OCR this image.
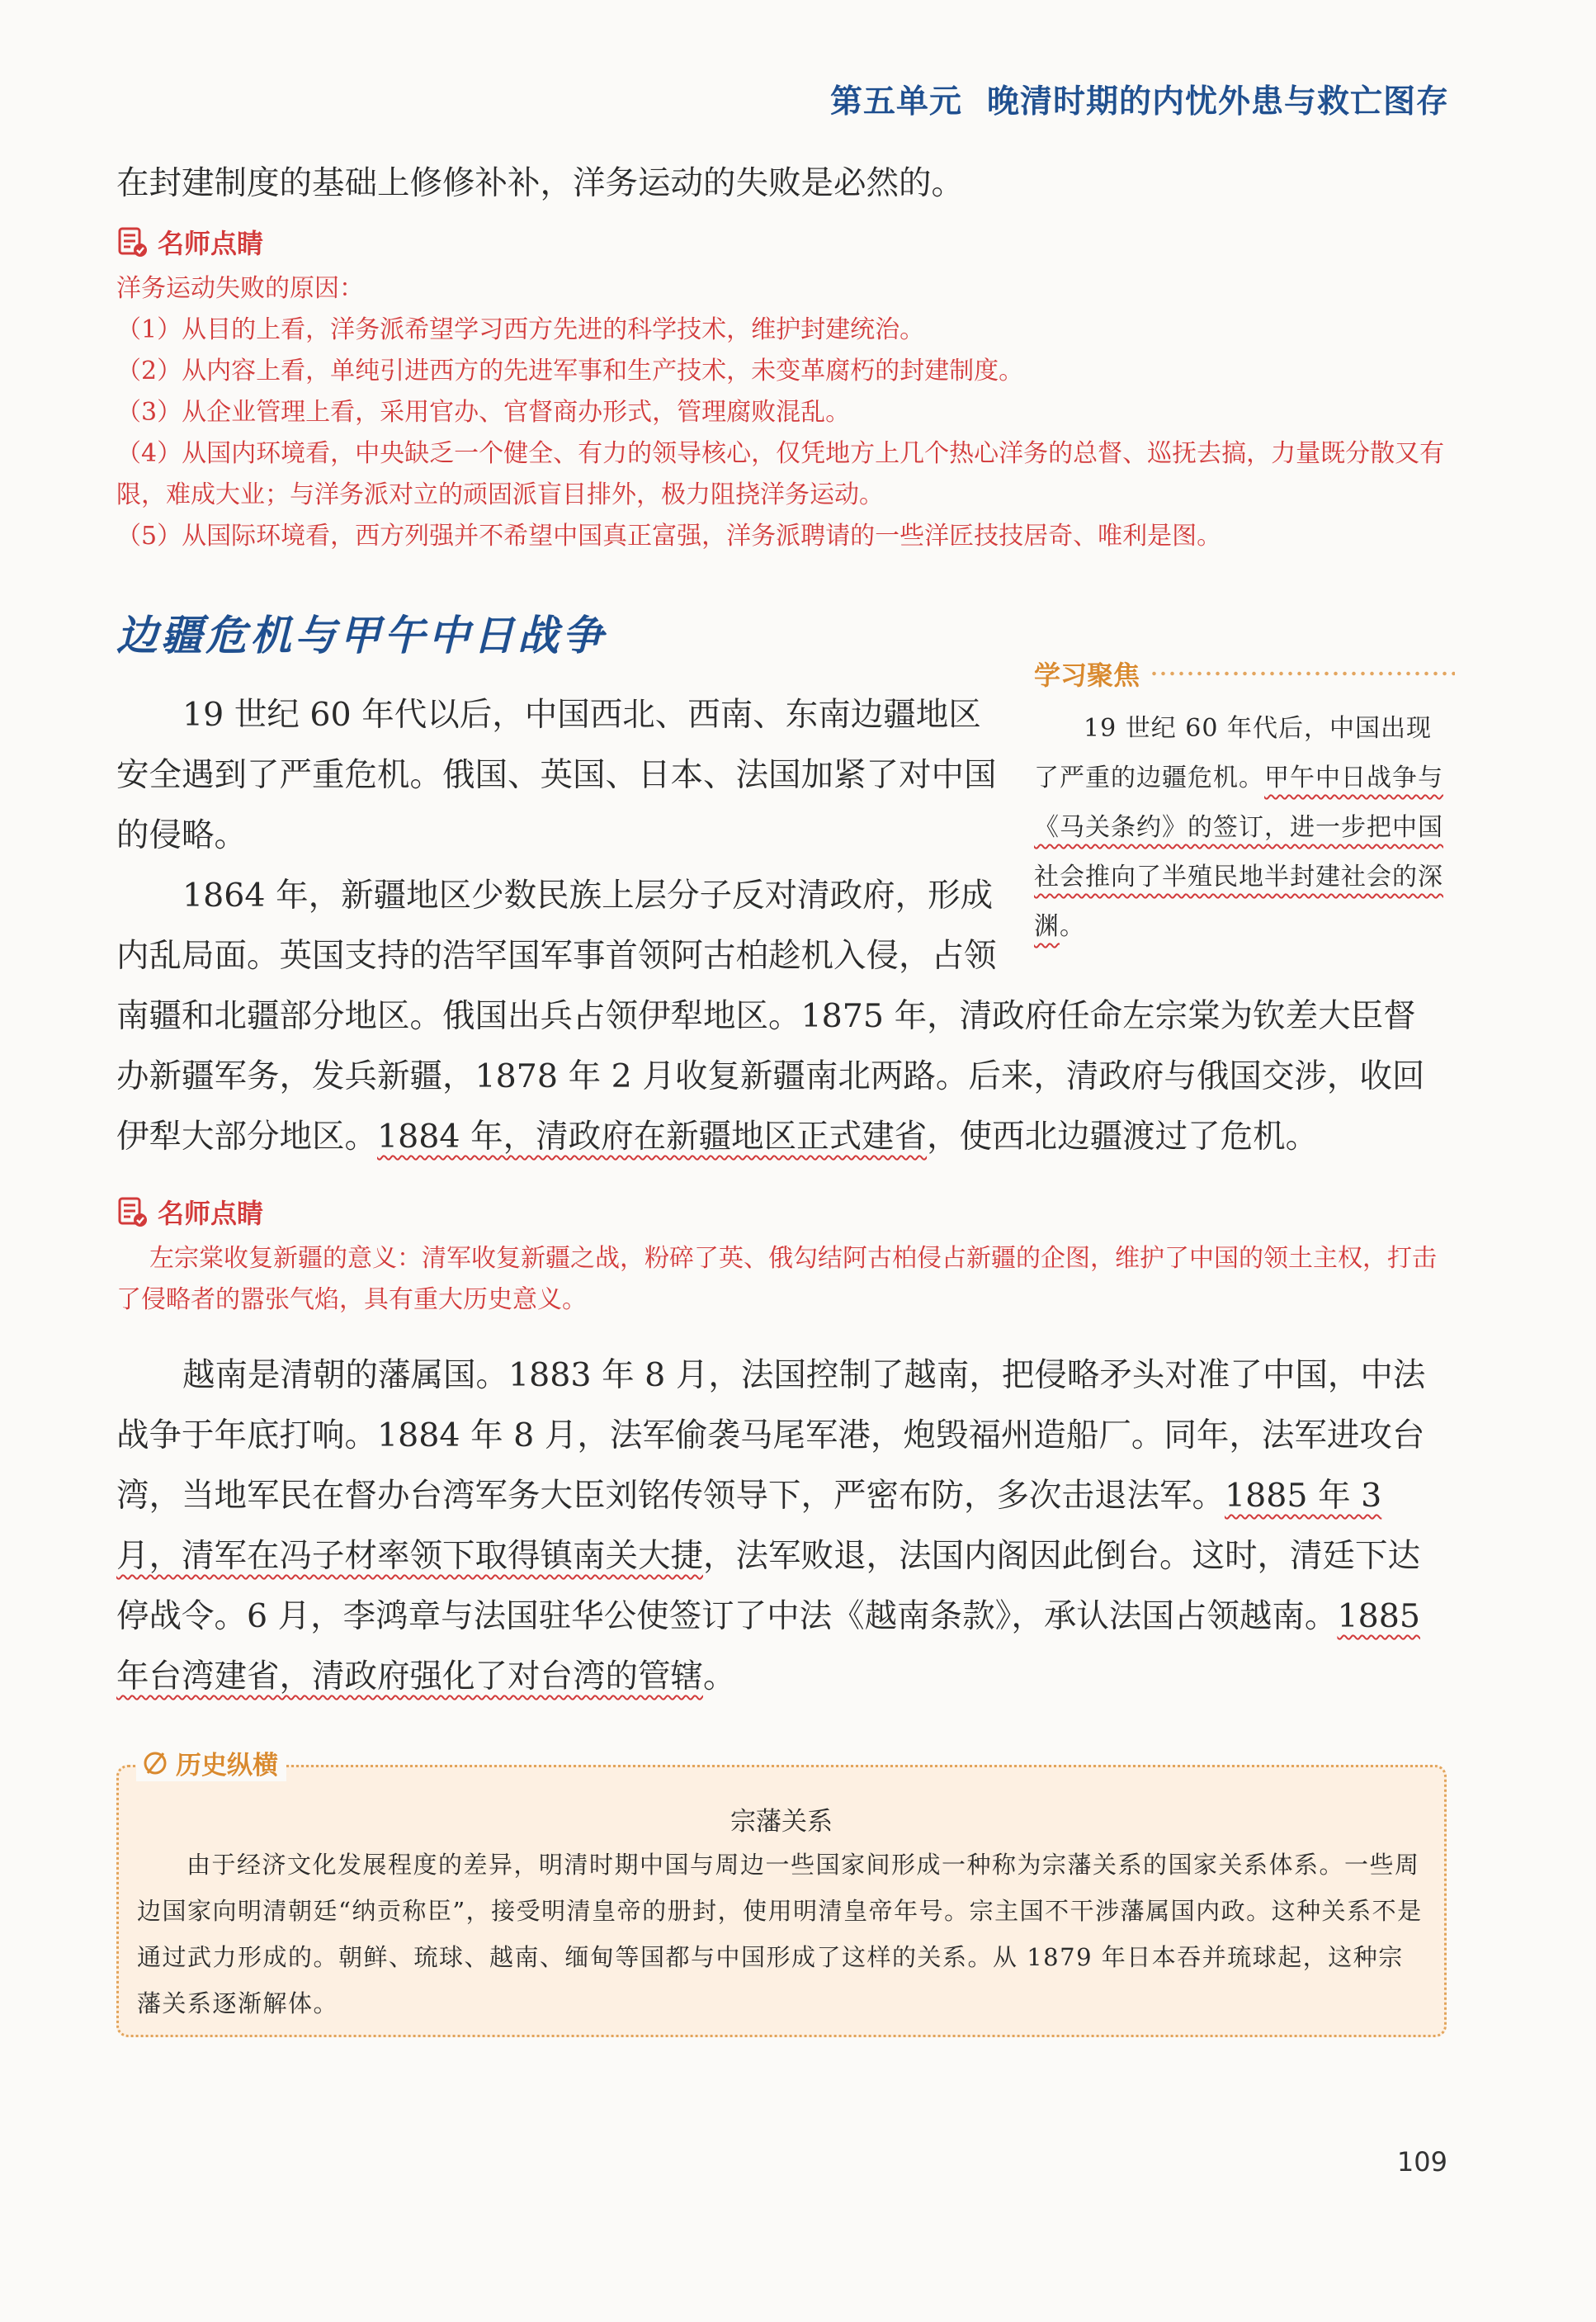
第五单元 晚清时期的内忧外患与救亡图存

在封建制度的基础上修修补补，洋务运动的失败是必然的。

名师点睛

洋务运动失败的原因：

（1）从目的上看，洋务派希望学习西方先进的科学技术，维护封建统治。

（2）从内容上看，单纯引进西方的先进军事和生产技术，未变革腐朽的封建制度。

（3）从企业管理上看，采用官办、官督商办形式，管理腐败混乱。

（4）从国内环境看，中央缺乏一个健全、有力的领导核心，仅凭地方上几个热心洋务的总督、巡抚去搞，力量既分散又有限，难成大业；与洋务派对立的顽固派盲目排外，极力阻挠洋务运动。

（5）从国际环境看，西方列强并不希望中国真正富强，洋务派聘请的一些洋匠技技居奇、唯利是图。

边疆危机与甲午中日战争
学习聚焦
19 世纪 60 年代后，中国出现了严重的边疆危机。甲午中日战争与《马关条约》的签订，进一步把中国社会推向了半殖民地半封建社会的深渊。

19 世纪 60 年代以后，中国西北、西南、东南边疆地区安全遇到了严重危机。俄国、英国、日本、法国加紧了对中国的侵略。

1864 年，新疆地区少数民族上层分子反对清政府，形成内乱局面。英国支持的浩罕国军事首领阿古柏趁机入侵，占领南疆和北疆部分地区。俄国出兵占领伊犁地区。1875 年，清政府任命左宗棠为钦差大臣督办新疆军务，发兵新疆，1878 年 2 月收复新疆南北两路。后来，清政府与俄国交涉，收回伊犁大部分地区。1884 年，清政府在新疆地区正式建省，使西北边疆渡过了危机。

名师点睛

左宗棠收复新疆的意义：清军收复新疆之战，粉碎了英、俄勾结阿古柏侵占新疆的企图，维护了中国的领土主权，打击了侵略者的嚣张气焰，具有重大历史意义。

越南是清朝的藩属国。1883 年 8 月，法国控制了越南，把侵略矛头对准了中国，中法战争于年底打响。1884 年 8 月，法军偷袭马尾军港，炮毁福州造船厂。同年，法军进攻台湾，当地军民在督办台湾军务大臣刘铭传领导下，严密布防，多次击退法军。1885 年 3 月，清军在冯子材率领下取得镇南关大捷，法军败退，法国内阁因此倒台。这时，清廷下达停战令。6 月，李鸿章与法国驻华公使签订了中法《越南条款》，承认法国占领越南。1885 年台湾建省，清政府强化了对台湾的管辖。

宗藩关系

由于经济文化发展程度的差异，明清时期中国与周边一些国家间形成一种称为宗藩关系的国家关系体系。一些周边国家向明清朝廷“纳贡称臣”，接受明清皇帝的册封，使用明清皇帝年号。宗主国不干涉藩属国内政。这种关系不是通过武力形成的。朝鲜、琉球、越南、缅甸等国都与中国形成了这样的关系。从 1879 年日本吞并琉球起，这种宗藩关系逐渐解体。

历史纵横
109
